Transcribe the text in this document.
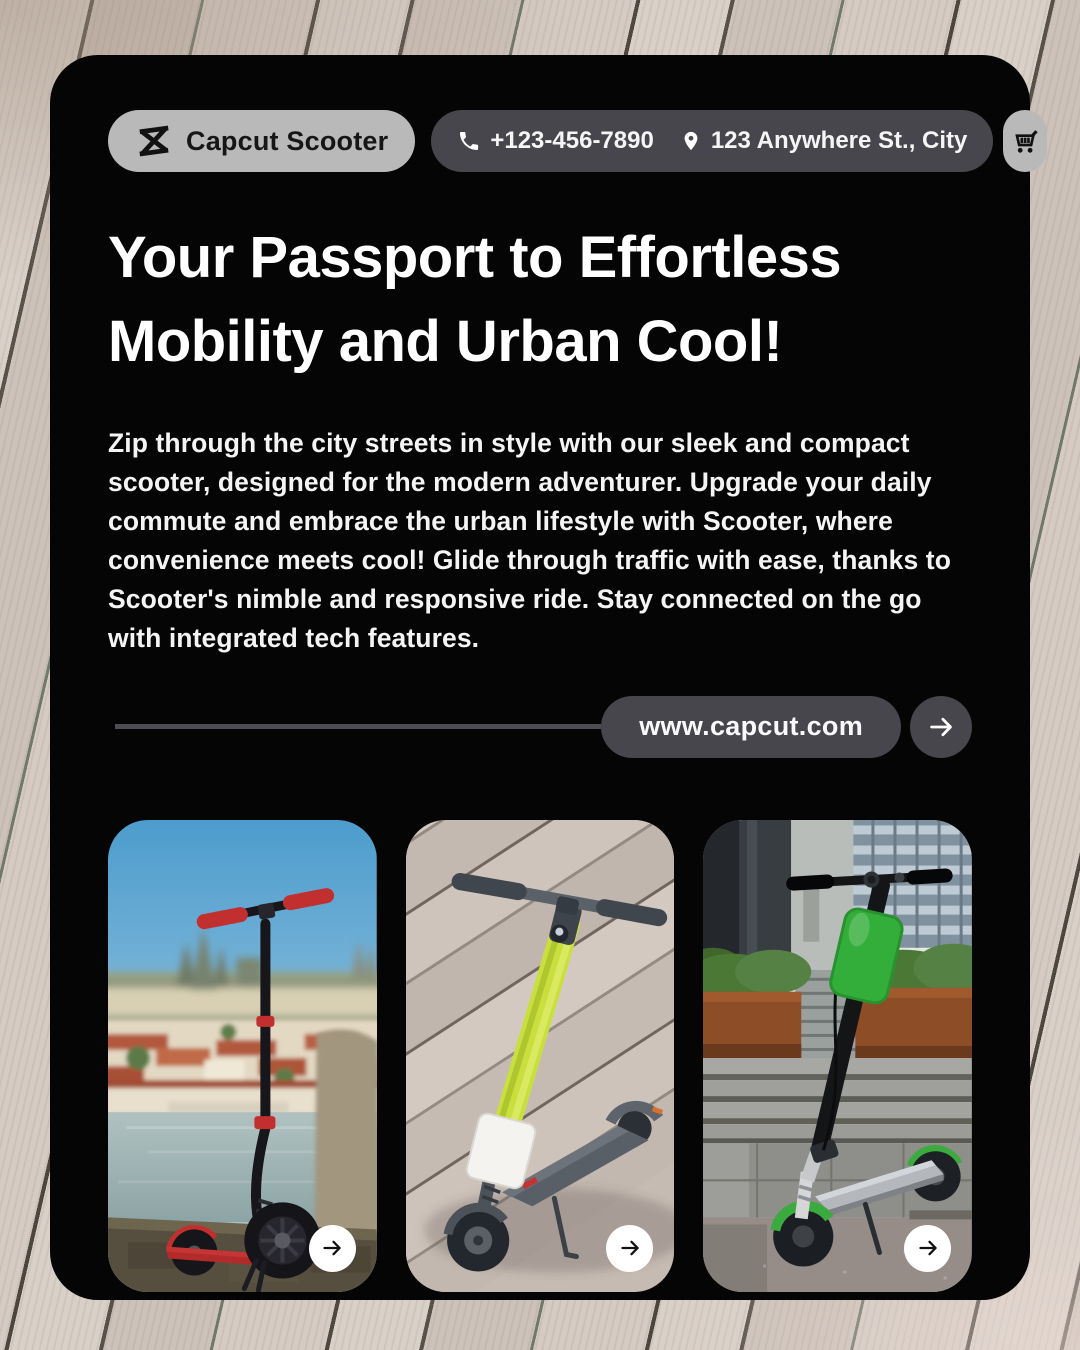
Capcut Scooter	+123-456-7890 123 Anywhere St., City
Your Passport to Effortless
Mobility and Urban Cool!

Zip through the city streets in style with our sleek and compact scooter, designed for the modern adventurer. Upgrade your daily commute and embrace the urban lifestyle with Scooter, where convenience meets cool! Glide through traffic with ease, thanks to Scooter's nimble and responsive ride. Stay connected on the go with integrated tech features.

www.capcut.com
